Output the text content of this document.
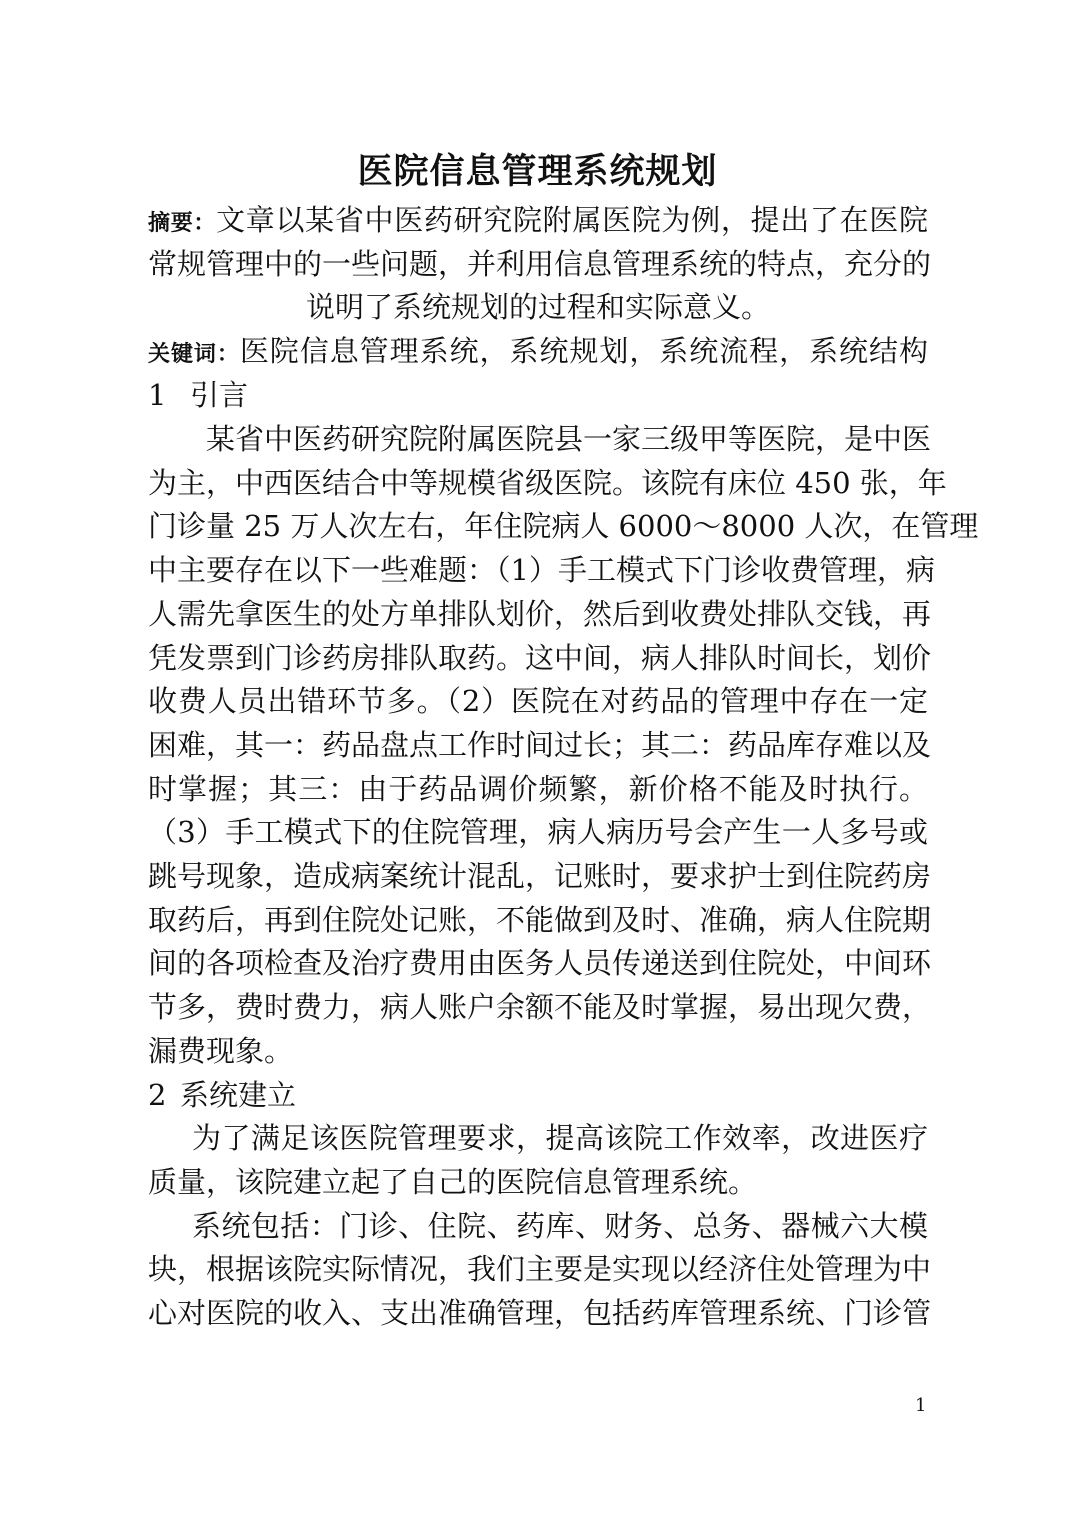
医院信息管理系统规划
摘要：文章以某省中医药研究院附属医院为例，提出了在医院
常规管理中的一些问题，并利用信息管理系统的特点，充分的
说明了系统规划的过程和实际意义。
关键词：医院信息管理系统，系统规划，系统流程，系统结构
1 引言
某省中医药研究院附属医院县一家三级甲等医院，是中医
为主，中西医结合中等规模省级医院。该院有床位 450 张，年
门诊量 25 万人次左右，年住院病人 6000～8000 人次，在管理
中主要存在以下一些难题：（1）手工模式下门诊收费管理，病
人需先拿医生的处方单排队划价，然后到收费处排队交钱，再
凭发票到门诊药房排队取药。这中间，病人排队时间长，划价
收费人员出错环节多。（2）医院在对药品的管理中存在一定
困难，其一：药品盘点工作时间过长；其二：药品库存难以及
时掌握；其三：由于药品调价频繁，新价格不能及时执行。
（3）手工模式下的住院管理，病人病历号会产生一人多号或
跳号现象，造成病案统计混乱，记账时，要求护士到住院药房
取药后，再到住院处记账，不能做到及时、准确，病人住院期
间的各项检查及治疗费用由医务人员传递送到住院处，中间环
节多，费时费力，病人账户余额不能及时掌握，易出现欠费，
漏费现象。
2 系统建立
为了满足该医院管理要求，提高该院工作效率，改进医疗
质量，该院建立起了自己的医院信息管理系统。
系统包括：门诊、住院、药库、财务、总务、器械六大模
块，根据该院实际情况，我们主要是实现以经济住处管理为中
心对医院的收入、支出准确管理，包括药库管理系统、门诊管
1
